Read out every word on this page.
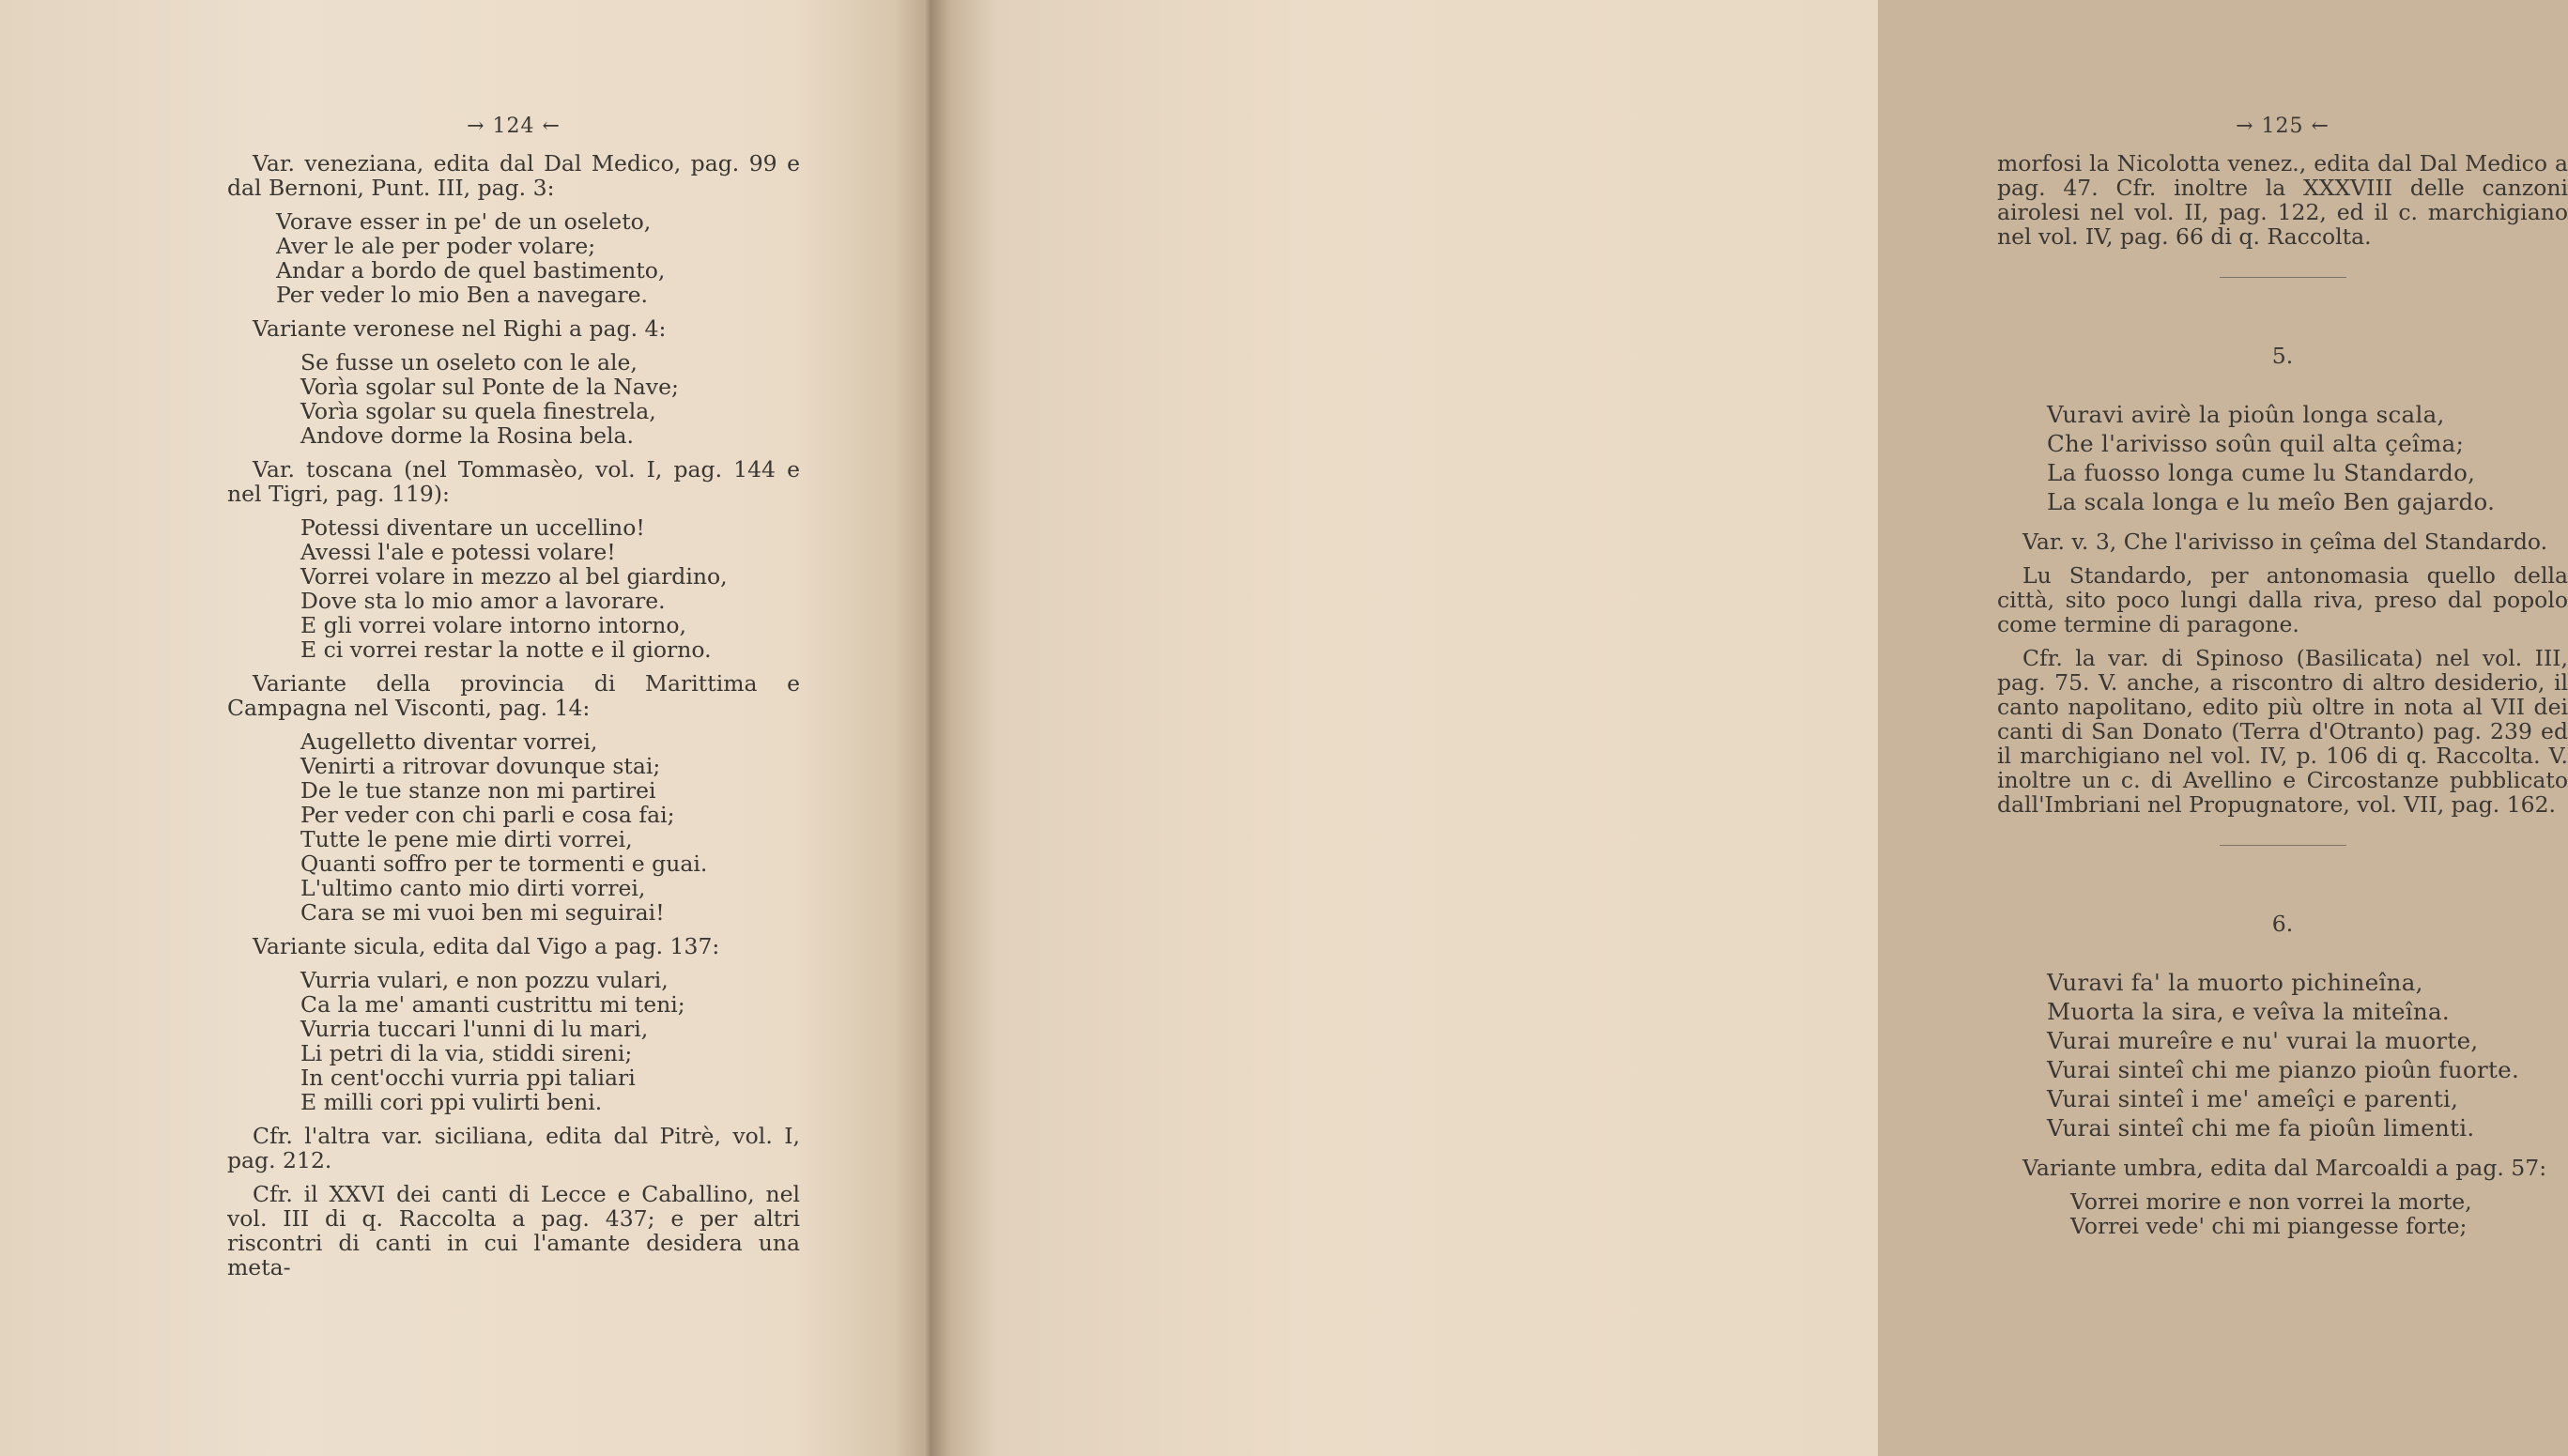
→ 124 ←

Var. veneziana, edita dal Dal Medico, pag. 99 e dal Bernoni, Punt. III, pag. 3:

Vorave esser in pe' de un oseleto,
Aver le ale per poder volare;
Andar a bordo de quel bastimento,
Per veder lo mio Ben a navegare.

Variante veronese nel Righi a pag. 4:

Se fusse un oseleto con le ale,
Vorìa sgolar sul Ponte de la Nave;
Vorìa sgolar su quela finestrela,
Andove dorme la Rosina bela.

Var. toscana (nel Tommasèo, vol. I, pag. 144 e nel Tigri, pag. 119):

Potessi diventare un uccellino!
Avessi l'ale e potessi volare!
Vorrei volare in mezzo al bel giardino,
Dove sta lo mio amor a lavorare.
E gli vorrei volare intorno intorno,
E ci vorrei restar la notte e il giorno.

Variante della provincia di Marittima e Campagna nel Visconti, pag. 14:

Augelletto diventar vorrei,
Venirti a ritrovar dovunque stai;
De le tue stanze non mi partirei
Per veder con chi parli e cosa fai;
Tutte le pene mie dirti vorrei,
Quanti soffro per te tormenti e guai.
L'ultimo canto mio dirti vorrei,
Cara se mi vuoi ben mi seguirai!

Variante sicula, edita dal Vigo a pag. 137:

Vurria vulari, e non pozzu vulari,
Ca la me' amanti custrittu mi teni;
Vurria tuccari l'unni di lu mari,
Li petri di la via, stiddi sireni;
In cent'occhi vurria ppi taliari
E milli cori ppi vulirti beni.

Cfr. l'altra var. siciliana, edita dal Pitrè, vol. I, pag. 212.

Cfr. il XXVI dei canti di Lecce e Caballino, nel vol. III di q. Raccolta a pag. 437; e per altri riscontri di canti in cui l'amante desidera una meta-

→ 125 ←

morfosi la Nicolotta venez., edita dal Dal Medico a pag. 47. Cfr. inoltre la XXXVIII delle canzoni airolesi nel vol. II, pag. 122, ed il c. marchigiano nel vol. IV, pag. 66 di q. Raccolta.

5.
Vuravi avirè la pioûn longa scala,
Che l'arivisso soûn quil alta çeîma;
La fuosso longa cume lu Standardo,
La scala longa e lu meîo Ben gajardo.

Var. v. 3, Che l'arivisso in çeîma del Standardo.

Lu Standardo, per antonomasia quello della città, sito poco lungi dalla riva, preso dal popolo come termine di paragone.

Cfr. la var. di Spinoso (Basilicata) nel vol. III, pag. 75. V. anche, a riscontro di altro desiderio, il canto napolitano, edito più oltre in nota al VII dei canti di San Donato (Terra d'Otranto) pag. 239 ed il marchigiano nel vol. IV, p. 106 di q. Raccolta. V. inoltre un c. di Avellino e Circostanze pubblicato dall'Imbriani nel Propugnatore, vol. VII, pag. 162.

6.
Vuravi fa' la muorto pichineîna,
Muorta la sira, e veîva la miteîna.
Vurai mureîre e nu' vurai la muorte,
Vurai sinteî chi me pianzo pioûn fuorte.
Vurai sinteî i me' ameîçi e parenti,
Vurai sinteî chi me fa pioûn limenti.

Variante umbra, edita dal Marcoaldi a pag. 57:

Vorrei morire e non vorrei la morte,
Vorrei vede' chi mi piangesse forte;
